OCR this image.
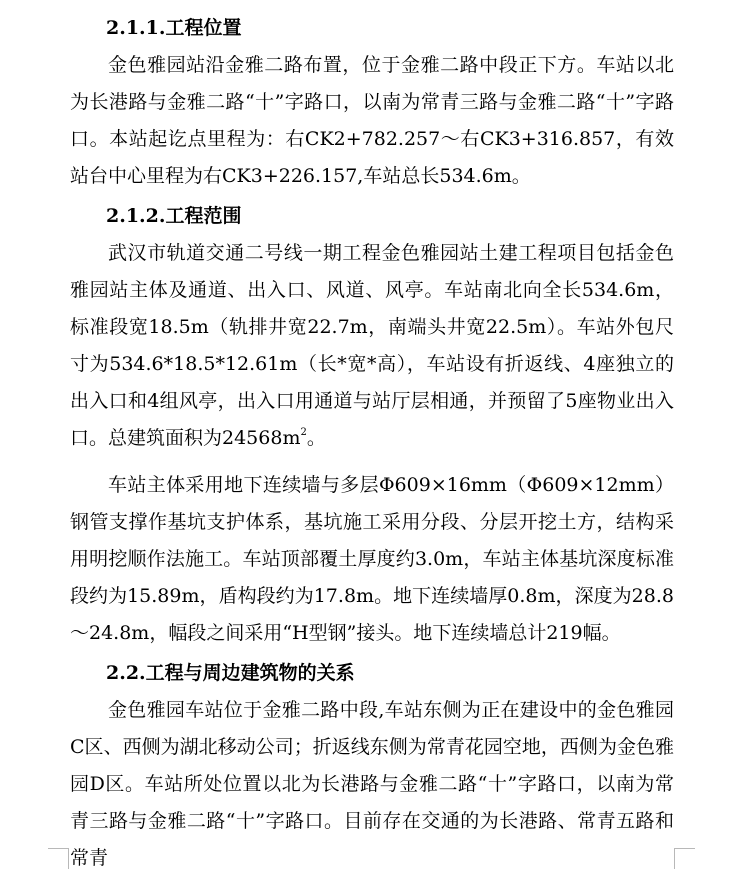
2.1.1.工程位置

金色雅园站沿金雅二路布置，位于金雅二路中段正下方。车站以北为长港路与金雅二路“十”字路口，以南为常青三路与金雅二路“十”字路口。本站起讫点里程为：右CK2+782.257～右CK3+316.857，有效站台中心里程为右CK3+226.157,车站总长534.6m。

2.1.2.工程范围

武汉市轨道交通二号线一期工程金色雅园站土建工程项目包括金色雅园站主体及通道、出入口、风道、风亭。车站南北向全长534.6m，标准段宽18.5m（轨排井宽22.7m，南端头井宽22.5m）。车站外包尺寸为534.6*18.5*12.61m（长*宽*高），车站设有折返线、4座独立的出入口和4组风亭，出入口用通道与站厅层相通，并预留了5座物业出入口。总建筑面积为$24568m^2$。

车站主体采用地下连续墙与多层Φ609×16mm（Φ609×12mm）钢管支撑作基坑支护体系，基坑施工采用分段、分层开挖土方，结构采用明挖顺作法施工。车站顶部覆土厚度约3.0m，车站主体基坑深度标准段约为15.89m，盾构段约为17.8m。地下连续墙厚0.8m，深度为28.8～24.8m，幅段之间采用“H型钢”接头。地下连续墙总计219幅。

2.2.工程与周边建筑物的关系

金色雅园车站位于金雅二路中段,车站东侧为正在建设中的金色雅园C区、西侧为湖北移动公司；折返线东侧为常青花园空地，西侧为金色雅园D区。车站所处位置以北为长港路与金雅二路“十”字路口，以南为常青三路与金雅二路“十”字路口。目前存在交通的为长港路、常青五路和常青
